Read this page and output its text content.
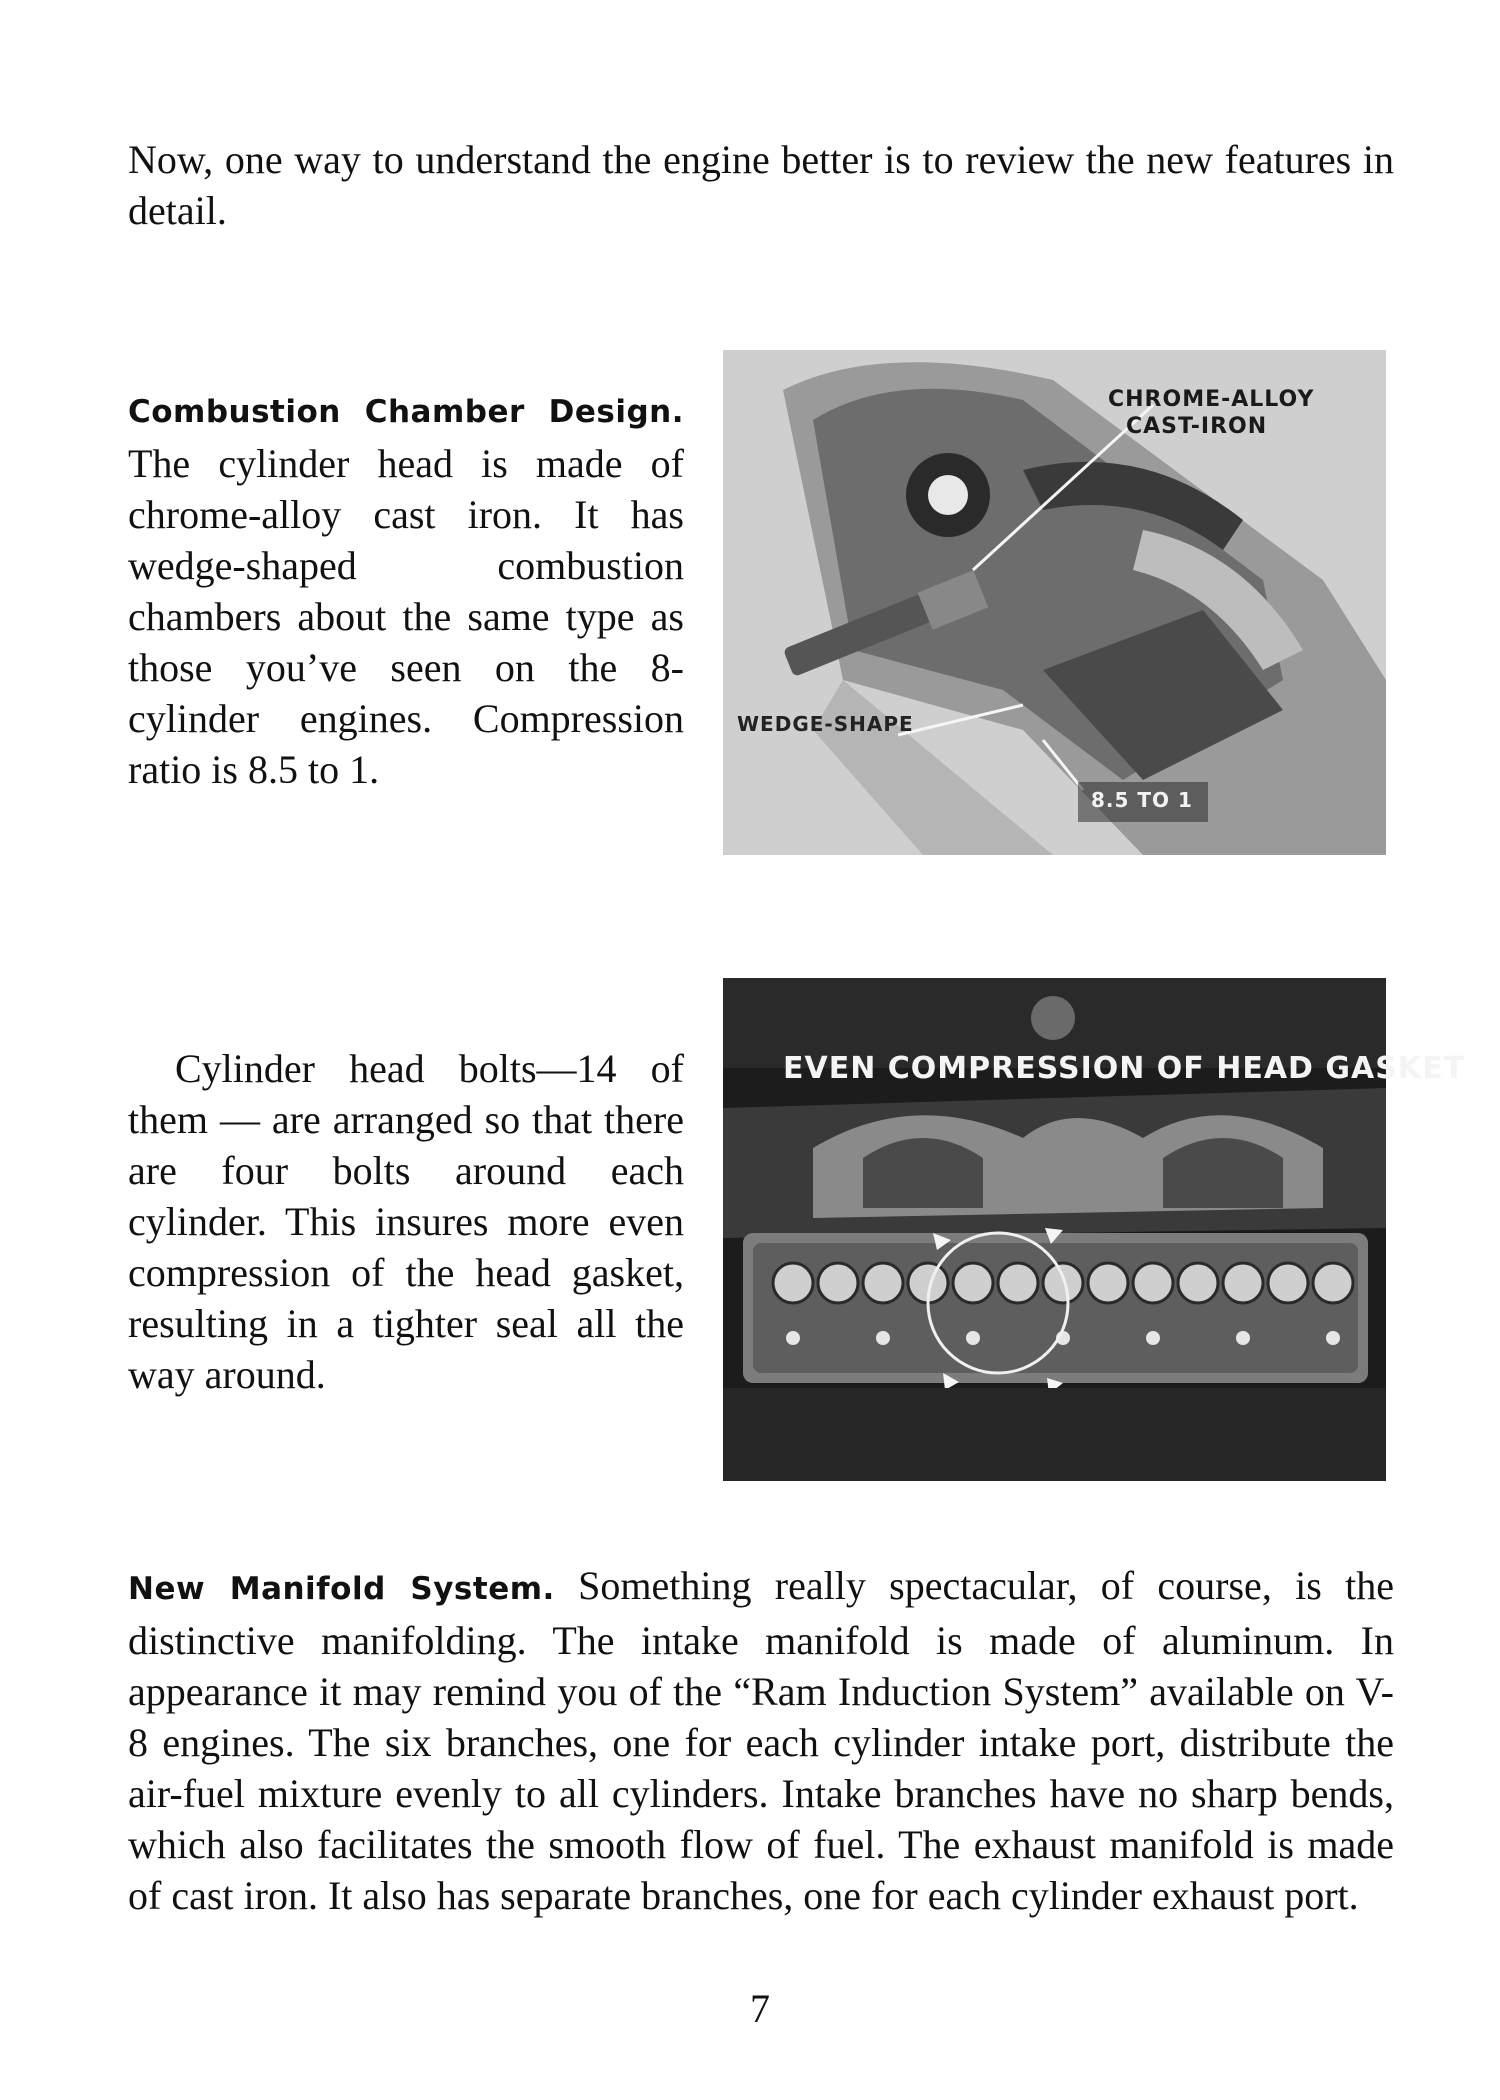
Now, one way to understand the engine better is to review the new features in detail.

Combustion Chamber Design. The cylinder head is made of chrome-alloy cast iron. It has wedge-shaped combustion chambers about the same type as those you’ve seen on the 8-cylinder engines. Compression ratio is 8.5 to 1.

CHROME-ALLOY
CAST-IRON
WEDGE-SHAPE
8.5 TO 1

Cylinder head bolts—14 of them — are arranged so that there are four bolts around each cylinder. This insures more even compression of the head gasket, resulting in a tighter seal all the way around.

EVEN COMPRESSION OF HEAD GASKET

New Manifold System. Something really spectacular, of course, is the distinctive manifolding. The intake manifold is made of aluminum. In appearance it may remind you of the “Ram Induction System” available on V-8 engines. The six branches, one for each cylinder intake port, distribute the air-fuel mixture evenly to all cylinders. Intake branches have no sharp bends, which also facilitates the smooth flow of fuel. The exhaust manifold is made of cast iron. It also has separate branches, one for each cylinder exhaust port.

7
